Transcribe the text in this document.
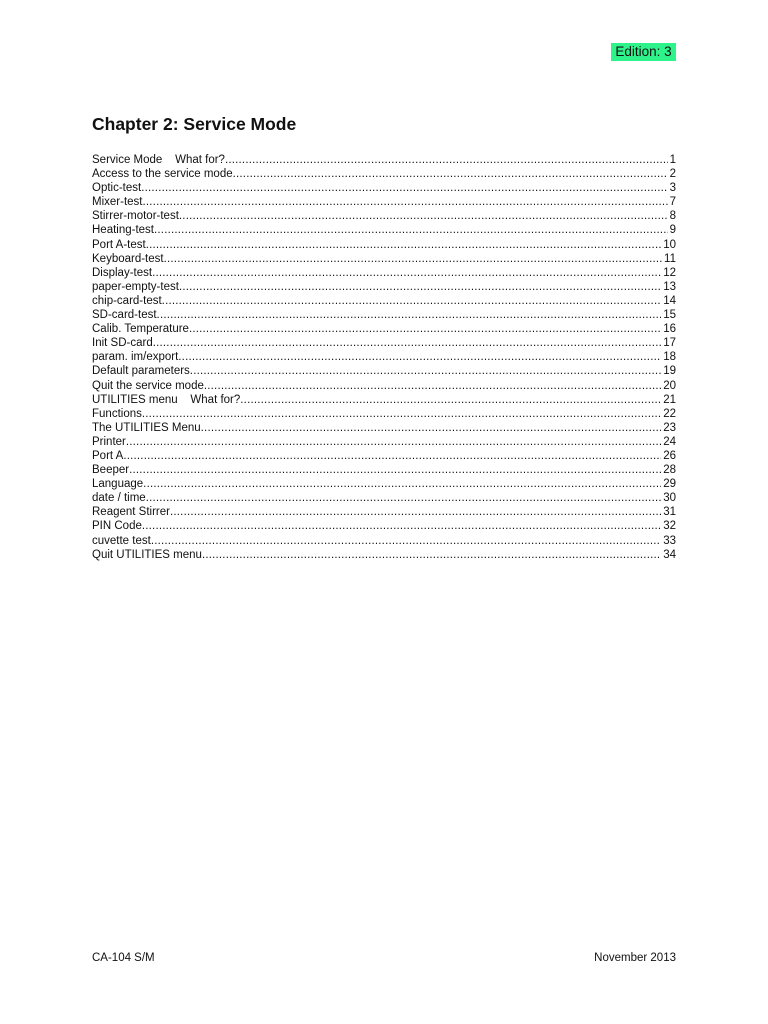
Edition: 3
Chapter 2: Service Mode
Service Mode    What for? .....	1
Access to the service mode .....	2
Optic-test .....	3
Mixer-test .....	7
Stirrer-motor-test .....	8
Heating-test .....	9
Port A-test .....	10
Keyboard-test .....	11
Display-test .....	12
paper-empty-test .....	13
chip-card-test .....	14
SD-card-test .....	15
Calib. Temperature .....	16
Init SD-card .....	17
param. im/export .....	18
Default parameters .....	19
Quit the service mode .....	20
UTILITIES menu    What for? .....	21
Functions .....	22
The UTILITIES Menu .....	23
Printer .....	24
Port A .....	26
Beeper .....	28
Language .....	29
date / time .....	30
Reagent Stirrer .....	31
PIN Code .....	32
cuvette test .....	33
Quit UTILITIES menu .....	34
CA-104 S/M	November 2013
